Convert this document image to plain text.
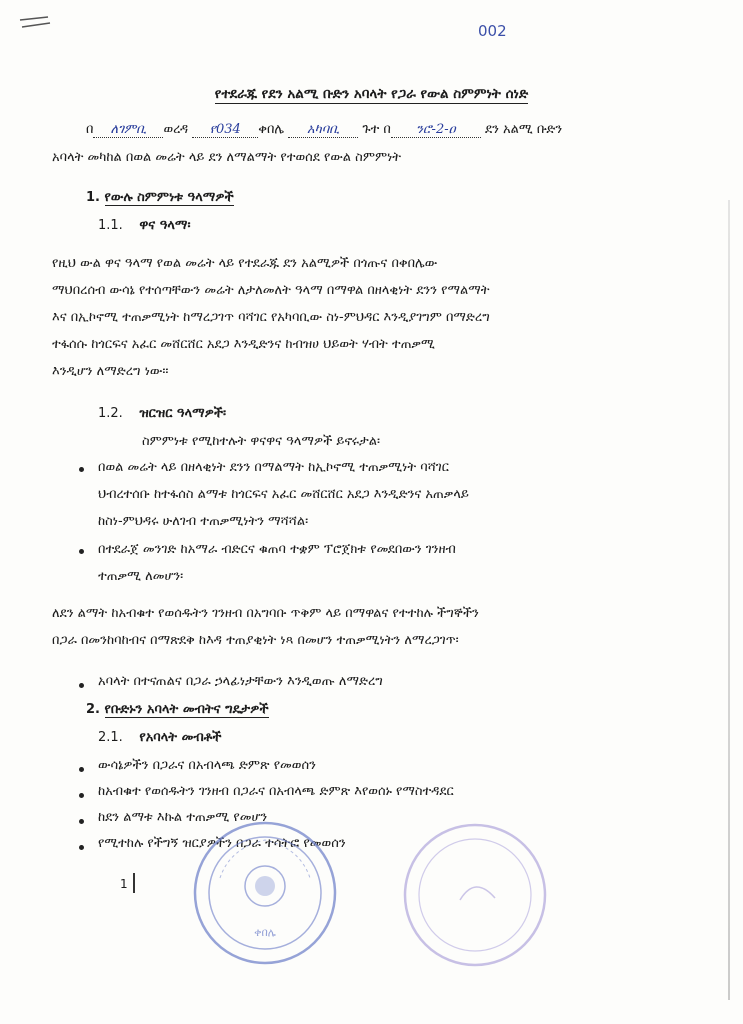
002
የተደራጁ የደን አልሚ ቡድን አባላት የጋራ የውል ስምምነት ሰነድ
በ ለገምቢ ወረዳ የ034 ቀበሌ አካባቢ ጉተ በ ንሮ-2-ዐ ደን አልሚ ቡድን
አባላት መካከል በወል መሬት ላይ ደን ለማልማት የተወሰደ የውል ስምምነት
1. የውሉ ስምምነቱ ዓላማዎች
1.1. ዋና ዓላማ፡
የዚህ ውል ዋና ዓላማ የወል መሬት ላይ የተደራጁ ደን አልሚዎች በጎጡና በቀበሌው
ማህበረሰብ ውሳኔ የተሰጣቸውን መሬት ለታለመለት ዓላማ በማዋል በዘላቂነት ደንን የማልማት
እና በኢኮኖሚ ተጠቃሚነት ከማረጋገጥ ባሻገር የአካባቢው ስነ-ምህዳር እንዲያገግም በማድረግ
ተፋሰሱ ከጎርፍና አፈር መሸርሸር አደጋ እንዲድንና ከብዝሀ ህይወት ሃብት ተጠቃሚ
እንዲሆን ለማድረግ ነው፡፡
1.2. ዝርዝር ዓላማዎች፡
ስምምነቱ የሚከተሉት ዋናዋና ዓላማዎች ይኖሩታል፡
በወል መሬት ላይ በዘላቂነት ደንን በማልማት ከኢኮኖሚ ተጠቃሚነት ባሻገር
ህብረተሰቡ ከተፋሰስ ልማቱ ከጎርፍና አፈር መሸርሸር አደጋ እንዲድንና አጠቃላይ
ከስነ-ምህዳሩ ሁለገብ ተጠቃሚነትን ማሻሻል፡
በተደራጀ መንገድ ከአማራ ብድርና ቁጠባ ተቋም ፕሮጀክቱ የመደበውን ገንዘብ
ተጠቃሚ ለመሆን፡
ለደን ልማት ከአብቁተ የወሰዱትን ገንዘብ በአግባቡ ጥቅም ላይ በማዋልና የተተከሉ ችግኞችን
በጋራ በመንከባከብና በማጽደቅ ከእዳ ተጠያቂነት ነጻ በመሆን ተጠቃሚነትን ለማረጋገጥ፡
አባላት በተናጠልና በጋራ ኃላፊነታቸውን እንዲወጡ ለማድረግ
2. የቡድኑን አባላት መብትና ግዴታዎች
2.1. የአባላት መብቶች
ውሳኔዎችን በጋራና በአብላጫ ድምጽ የመወሰን
ከአብቁተ የወሰዱትን ገንዘብ በጋራና በአብላጫ ድምጽ እየወሰኑ የማስተዳደር
ከደን ልማቱ እኩል ተጠቃሚ የመሆን
የሚተከሉ የችግኝ ዝርያዎችን በጋራ ተሳትፎ የመወሰን
1
ቀበሌ
